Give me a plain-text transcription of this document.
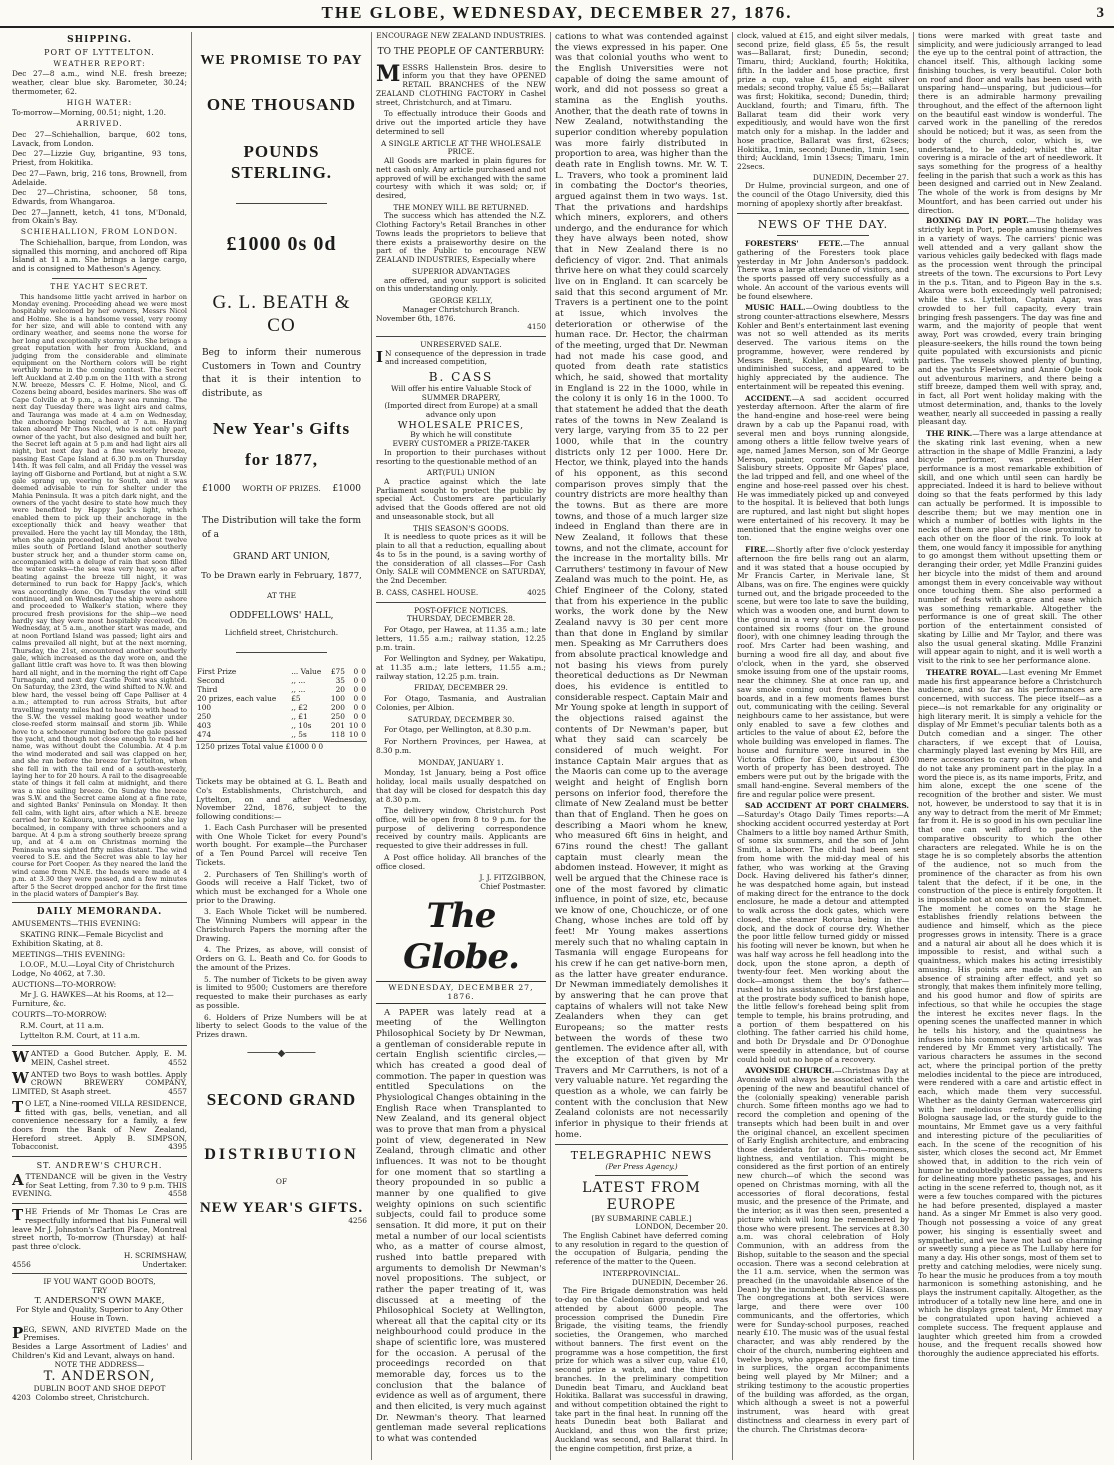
THE GLOBE, WEDNESDAY, DECEMBER 27, 1876.	3
SHIPPING.
PORT OF LYTTELTON.
WEATHER REPORT:

Dec 27—8 a.m., wind N.E. fresh breeze; weather, clear blue sky. Barometer, 30.24; thermometer, 62.

HIGH WATER:

To-morrow—Morning, 00.51; night, 1.20.

ARRIVED.

Dec 27—Schiehallion, barque, 602 tons, Lavack, from London.

Dec 27—Lizzie Guy, brigantine, 93 tons, Priest, from Hokitika.

Dec 27—Fawn, brig, 216 tons, Brownell, from Adelaide.

Dec 27—Christina, schooner, 58 tons, Edwards, from Whangaroa.

Dec 27—Jannett, ketch, 41 tons, M'Donald, from Okain's Bay.

SCHIEHALLION, FROM LONDON.

The Schiehallion, barque, from London, was signalled this morning, and anchored off Ripa Island at 11 a.m. She brings a large cargo, and is consigned to Matheson's Agency.

THE YACHT SECRET.

This handsome little yacht arrived in harbor on Monday evening. Proceeding ahead we were most hospitably welcomed by her owners, Messrs Nicol and Holme. She is a handsome vessel, very roomy for her size, and will able to contend with any ordinary weather, and seems none the worse for her long and exceptionally stormy trip. She brings a great reputation with her from Auckland, and judging from the considerable and eliminate equipment on the Northern colors will be right worthily borne in the coming contest. The Secret left Auckland at 2.40 p.m on the 11th with a strong N.W. breeze, Messrs C. F. Holme, Nicol, and G. Cozens being aboard, besides mariners. She was off Cape Colville at 9 p.m., a heavy sea running. The next day Tuesday there was light airs and calms, and Tauranga was made at 4 a.m on Wednesday, the anchorage being reached at 7 a.m. Having taken aboard Mr Thos Nicol, who is not only part owner of the yacht, but also designed and built her, the Secret left again at 5 p.m and had light airs all night, but next day had a fine westerly breeze, passing East Cape Island at 6.30 p.m on Thursday 14th. It was fell calm, and all Friday the vessel was laying off Gisborne and Portland, but at night a S.W. gale sprang up, veering to South, and it was deemed advisable to run for shelter under the Mahia Peninsula. It was a pitch dark night, and the owners of the yacht desire to state how much they were benefited by Happy Jack's light, which enabled them to pick up their anchorage in the exceptionally thick and heavy weather that prevailed. Here the yacht lay till Monday, the 18th, when she again proceeded, but when about twelve miles south of Portland Island another southerly buster struck her, and a thunder storm came on, accompanied with a deluge of rain that soon filled the water casks—the sea was very heavy, so after beating against the breeze till night, it was determined to run back for Happy Jack's, which was accordingly done. On Tuesday the wind still continued, and on Wednesday the ship were ashore and proceeded to Walker's station, where they procured fresh provisions for the ship—we need hardly say they were most hospitably received. On Wednesday, at 5 a.m., another start was made, and at noon Portland Island was passed; light airs and calms prevailed all night, but at the next morning, Thursday, the 21st, encountered another southerly gale, which increased as the day wore on, and the gallant little craft was hove to. It was then blowing hard all night, and in the morning the right off Cape Turnagain, and next day Castle Point was sighted. On Saturday, the 23rd, the wind shifted to N.W. and blew hard, the vessel being off Cape Palliser at 4 a.m.; attempted to run across Straits, but after travelling twenty miles had to heave to with head to the S.W. the vessel making good weather under close-reefed storm mainsail and storm jib. While hove to a schooner running before the gale passed the yacht, and though not close enough to read her name, was without doubt the Columbia. At 4 p.m the wind moderated and sail was clapped on her, and she ran before the breeze for Lyttelton, when she fell in with the tail end of a south-westerly, laying her to for 20 hours. A rail to the disagreeable state of things it fell calm at midnight, and there was a nice sailing breeze. On Sunday the breeze was S.W. and the Secret came along at a fine rate, and sighted Banks' Peninsula on Monday. It then fell calm, with light airs, after which a N.E. breeze carried her to Kaikoura, under which point she lay becalmed, in company with three schooners and a barque. At 4 p.m a strong southerly breeze sprang up, and at 4 a.m on Christmas morning the Peninsula was sighted fifty miles distant. The wind veered to S.E. and the Secret was able to lay her course for Port Cooper. As they neared the land the wind came from N.N.E. the heads were made at 4 p.m. at 3.30 they were passed, and a few minutes after 5 the Secret dropped anchor for the first time in the placid waters of Dampier's Bay.

DAILY MEMORANDA.

AMUSEMENTS—THIS EVENING:

SKATING RINK—Female Bicyclist and Exhibition Skating, at 8.

MEETINGS—THIS EVENING:

I.O.OF., M.U.—Loyal City of Christchurch Lodge, No 4062, at 7.30.

AUCTIONS—TO-MORROW:

Mr J. G. HAWKES—At his Rooms, at 12—Furniture, &c.

COURTS—TO-MORROW:

R.M. Court, at 11 a.m.

Lyttelton R.M. Court, at 11 a.m.

WANTED a Good Butcher. Apply, E. M. MEIN, Cashel street.	4552
WANTED two Boys to wash bottles. Apply CROWN BREWERY COMPANY, LIMITED, St Asaph street.	4557
T O LET, a Nine-roomed VILLA RESIDENCE, fitted with gas, bells, venetian, and all convenience necessary for a family, a few doors from the Bank of New Zealand, Hereford street. Apply B. SIMPSON, Tobacconist.	4395
ST. ANDREW'S CHURCH.
ATTENDANCE will be given in the Vestry for Seat Letting, from 7.30 to 9 p.m. THIS EVENING.	4558
THE Friends of Mr Thomas Le Cras are respectfully informed that his Funeral will leave Mr J. Johnston's Carlton Place, Montreal street north, To-morrow (Thursday) at half-past three o'clock.
H. SCRIMSHAW,
4556	Undertaker.
IF YOU WANT GOOD BOOTS,
TRY
T. ANDERSON'S OWN MAKE,
For Style and Quality, Superior to Any Other House in Town.
PEG, SEWN, AND RIVETED Made on the Premises.
Besides a Large Assortment of Ladies' and Children's Kid and Levant, always on hand.
NOTE THE ADDRESS—
T. ANDERSON,
DUBLIN BOOT AND SHOE DEPOT
4203 Colombo street, Christchurch.
WE PROMISE TO PAY
ONE THOUSAND
POUNDS STERLING.
£1000 0s 0d
G. L. BEATH & CO

Beg to inform their numerous Customers in Town and Country that it is their intention to distribute, as

New Year's Gifts
for 1877,
£1000 WORTH OF PRIZES. £1000

The Distribution will take the form of a

GRAND ART UNION,
To be Drawn early in February, 1877,
AT THE
ODDFELLOWS' HALL,
Lichfield street, Christchurch.
First Prize	... Value	£75	0	0
Second	,, ...	35	0	0
Third	,, ...	20	0	0
20 prizes, each value	£5	100	0	0
100	,, £2	200	0	0
250	,, £1	250	0	0
403	,, 10s	201	10	0
474	,, 5s	118	10	0
1250 prizes Total value £1000 0 0

Tickets may be obtained at G. L. Beath and Co's Establishments, Christchurch, and Lyttelton, on and after Wednesday, November 22nd, 1876, subject to the following conditions:—

1. Each Cash Purchaser will be presented with One Whole Ticket for every Pound's worth bought. For example—the Purchaser of a Ten Pound Parcel will receive Ten Tickets.

2. Purchasers of Ten Shilling's worth of Goods will receive a Half Ticket, two of which must be exchanged for a Whole one prior to the Drawing.

3. Each Whole Ticket will be numbered. The Winning Numbers will appear in the Christchurch Papers the morning after the Drawing.

4. The Prizes, as above, will consist of Orders on G. L. Beath and Co. for Goods to the amount of the Prizes.

5. The number of Tickets to be given away is limited to 9500; Customers are therefore requested to make their purchases as early as possible.

6. Holders of Prize Numbers will be at liberty to select Goods to the value of the Prizes drawn.

─────◆─────
SECOND GRAND
DISTRIBUTION
OF
NEW YEAR'S GIFTS.
4256
ENCOURAGE NEW ZEALAND INDUSTRIES.
TO THE PEOPLE OF CANTERBURY:
MESSRS Hallenstein Bros. desire to inform you that they have OPENED RETAIL BRANCHES of the NEW ZEALAND CLOTHING FACTORY in Cashel street, Christchurch, and at Timaru.

To effectually introduce their Goods and drive out the imported article they have determined to sell

A SINGLE ARTICLE AT THE WHOLESALE PRICE.

All Goods are marked in plain figures for nett cash only. Any article purchased and not approved of will be exchanged with the same courtesy with which it was sold; or, if desired,

THE MONEY WILL BE RETURNED.

The success which has attended the N.Z. Clothing Factory's Retail Branches in other Towns leads the proprietors to believe that there exists a praiseworthy desire on the part of the Public to encourage NEW ZEALAND INDUSTRIES, Especially where

SUPERIOR ADVANTAGES

are offered, and your support is solicited on this understanding only.

GEORGE KELLY,
Manager Christchurch Branch.
November 6th, 1876.
4150
UNRESERVED SALE.
I N consequence of the depression in trade and increased competition,
B. CASS
Will offer his entire Valuable Stock of
SUMMER DRAPERY,
(Imported direct from Europe) at a small advance only upon
WHOLESALE PRICES,
By which he will constitute
EVERY CUSTOMER a PRIZE-TAKER

In proportion to their purchases without resorting to the questionable method of an

ART(FUL) UNION

A practice against which the late Parliament sought to protect the public by special Act. Customers are particularly advised that the Goods offered are not old and unseasonable stock, but all

THIS SEASON'S GOODS.

It is needless to quote prices as it will be plain to all that a reduction, equalling about 4s to 5s in the pound, is a saving worthy of the consideration of all classes—For Cash Only. SALE will COMMENCE on SATURDAY, the 2nd December.

B. CASS, CASHEL HOUSE.	4025
POST-OFFICE NOTICES.

THURSDAY, DECEMBER 28.

For Otago, per Hawea, at 11.35 a.m.; late letters, 11.55 a.m.; railway station, 12.25 p.m. train.

For Wellington and Sydney, per Wakatipu, at 11.35 a.m.; late letters, 11.55 a.m.; railway station, 12.25 p.m. train.

FRIDAY, DECEMBER 29.

For Otago, Tasmania, and Australian Colonies, per Albion.

SATURDAY, DECEMBER 30.

For Otago, per Wellington, at 8.30 p.m.

For Northern Provinces, per Hawea, at 8.30 p.m.

MONDAY, JANUARY 1.

Monday, 1st January, being a Post office holiday, local mails usually despatched on that day will be closed for despatch this day at 8.30 p.m.

The delivery window, Christchurch Post office, will be open from 8 to 9 p.m. for the purpose of delivering correspondence received by country mails. Applicants are requested to give their addresses in full.

A Post office holiday. All branches of the office closed.

J. J. FITZGIBBON,
Chief Postmaster.
The Globe.
WEDNESDAY, DECEMBER 27, 1876.

A PAPER was lately read at a meeting of the Wellington Philosophical Society by Dr Newman, a gentleman of considerable repute in certain English scientific circles,—which has created a good deal of commotion. The paper in question was entitled Speculations on the Physiological Changes obtaining in the English Race when Transplanted to New Zealand, and its general object was to prove that man from a physical point of view, degenerated in New Zealand, through climatic and other influences. It was not to be thought for one moment that so startling a theory propounded in so public a manner by one qualified to give weighty opinions on such scientific subjects, could fail to produce some sensation. It did more, it put on their metal a number of our local scientists who, as a matter of course almost, rushed into battle prepared with arguments to demolish Dr Newman's novel propositions. The subject, or rather the paper treating of it, was discussed at a meeting of the Philosophical Society at Wellington, whereat all that the capital city or its neighbourhood could produce in the shape of scientific lore, was mustered for the occasion. A perusal of the proceedings recorded on that memorable day, forces us to the conclusion that the balance of evidence as well as of argument, there and then elicited, is very much against Dr. Newman's theory. That learned gentleman made several replications to what was contended

cations to what was contended against the views expressed in his paper. One was that colonial youths who went to the English Universities were not capable of doing the same amount of work, and did not possess so great a stamina as the English youths. Another, that the death rate of towns in New Zealand, notwithstanding the superior condition whereby population was more fairly distributed in proportion to area, was higher than the death rate in English towns. Mr. W. T. L. Travers, who took a prominent laid in combating the Doctor's theories, argued against them in two ways. 1st. That the privations and hardships which miners, explorers, and others undergo, and the endurance for which they have always been noted, show that in New Zealand there is no deficiency of vigor. 2nd. That animals thrive here on what they could scarcely live on in England. It can scarcely be said that this second argument of Mr. Travers is a pertinent one to the point at issue, which involves the deterioration or otherwise of the human race. Dr. Hector, the chairman of the meeting, urged that Dr. Newman had not made his case good, and quoted from death rate statistics which, he said, showed that mortality in England is 22 in the 1000, while in the colony it is only 16 in the 1000. To that statement he added that the death rates of the towns in New Zealand is very large, varying from 35 to 22 per 1000, while that in the country districts only 12 per 1000. Here Dr. Hector, we think, played into the hands of his opponent, as this second comparison proves simply that the country districts are more healthy than the towns. But as there are more towns, and those of a much larger size indeed in England than there are in New Zealand, it follows that these towns, and not the climate, account for the increase in the mortality bills. Mr Carruthers' testimony in favour of New Zealand was much to the point. He, as Chief Engineer of the Colony, stated that from his experience in the public works, the work done by the New Zealand navvy is 30 per cent more than that done in England by similar men. Speaking as Mr Carruthers does from absolute practical knowledge and not basing his views from purely theoretical deductions as Dr Newman does, his evidence is entitled to considerable respect. Captain Mair and Mr Young spoke at length in support of the objections raised against the contents of Dr Newman's paper, but what they said can scarcely be considered of much weight. For instance Captain Mair argues that as the Maoris can come up to the average weight and height of English born persons on inferior food, therefore the climate of New Zealand must be better than that of England. Then he goes on describing a Maori whom he knew, who measured 6ft 6ins in height, and 67ins round the chest! The gallant captain must clearly mean the abdomen instead. However, it might as well be argued that the Chinese race is one of the most favored by climatic influence, in point of size, etc, because we know of one, Chouchicze, or of one Chang, whose inches are told off by feet! Mr Young makes assertions merely such that no whaling captain in Tasmania will engage Europeans for his crew if he can get native-born men, as the latter have greater endurance. Dr Newman immediately demolishes it by answering that he can prove that captains of whalers will not take New Zealanders when they can get Europeans; so the matter rests between the words of these two gentlemen. The evidence after all, with the exception of that given by Mr Travers and Mr Carruthers, is not of a very valuable nature. Yet regarding the question as a whole, we can fairly be content with the conclusion that New Zealand colonists are not necessarily inferior in physique to their friends at home.

TELEGRAPHIC NEWS
(Per Press Agency.)
LATEST FROM EUROPE
[BY SUBMARINE CABLE.]
LONDON, December 20.

The English Cabinet have deferred coming to any resolution in regard to the question of the occupation of Bulgaria, pending the reference of the matter to the Queen.

INTERPROVINCIAL.
DUNEDIN, December 26.

The Fire Brigade demonstration was held to-day on the Caledonian grounds, and was attended by about 6000 people. The procession comprised the Dunedin Fire Brigade, the visiting teams, the friendly societies, the Orangemen, who marched without banners. The first event on the programme was a hose competition, the first prize for which was a silver cup, value £10, second prize a watch, and the third two branches. In the preliminary competition Dunedin beat Timaru, and Auckland beat Hokitika. Ballarat was successful in drawing, and without competition obtained the right to take part in the final heat. In running off the heats Dunedin beat both Ballarat and Auckland, and thus won the first prize; Auckland was second, and Ballarat third. In the engine competition, first prize, a

clock, valued at £15, and eight silver medals, second prize, field glass, £5 5s, the result was—Ballarat, first; Dunedin, second; Timaru, third; Auckland, fourth; Hokitika, fifth. In the ladder and hose practice, first prize a cup, value £15, and eight silver medals; second trophy, value £5 5s;—Ballarat was first; Hokitika, second; Dunedin, third; Auckland, fourth; and Timaru, fifth. The Ballarat team did their work very expeditiously, and would have won the first match only for a mishap. In the ladder and hose practice, Ballarat was first, 62secs; Hokitika, 1min, second; Dunedin, 1min 1sec, third; Auckland, 1min 13secs; Timaru, 1min 22secs.

DUNEDIN, December 27.

Dr Hulme, provincial surgeon, and one of the council of the Otago University, died this morning of apoplexy shortly after breakfast.

NEWS OF THE DAY.

FORESTERS' FETE.—The annual gathering of the Foresters took place yesterday in Mr John Anderson's paddock. There was a large attendance of visitors, and the sports passed off very successfully as a whole. An account of the various events will be found elsewhere.

MUSIC HALL.—Owing doubtless to the strong counter-attractions elsewhere, Messrs Kohler and Bent's entertainment last evening was not so well attended as its merits deserved. The various items on the programme, however, were rendered by Messrs Bent, Kohler, and Ward, with undiminished success, and appeared to be highly appreciated by the audience. The entertainment will be repeated this evening.

ACCIDENT.—A sad accident occurred yesterday afternoon. After the alarm of fire the hand-engine and hose-reel were being drawn by a cab up the Papanui road, with several men and boys running alongside, among others a little fellow twelve years of age, named James Merson, son of Mr George Merson, painter, corner of Madras and Salisbury streets. Opposite Mr Gapes' place, the lad tripped and fell, and one wheel of the engine and hose-reel passed over his chest. He was immediately picked up and conveyed to the hospital. It is believed that both lungs are ruptured, and last night but slight hopes were entertained of his recovery. It may be mentioned that the engine weighs over one ton.

FIRE.—Shortly after five o'clock yesterday afternoon the fire bells rang out an alarm, and it was stated that a house occupied by Mr Francis Carter, in Merivale lane, St Albans, was on fire. The engines were quickly turned out, and the brigade proceeded to the scene, but were too late to save the building, which was a wooden one, and burnt down to the ground in a very short time. The house contained six rooms (four on the ground floor), with one chimney leading through the roof. Mrs Carter had been washing, and burning a wood fire all day, and about five o'clock, when in the yard, she observed smoke issuing from one of the upstair rooms, near the chimney. She at once ran up, and saw smoke coming out from between the boards, and in a few moments flames burst out, communicating with the ceiling. Several neighbours came to her assistance, but were only enabled to save a few clothes and articles to the value of about £2, before the whole building was enveloped in flames. The house and furniture were insured in the Victoria Office for £300, but about £300 worth of property has been destroyed. The embers were put out by the brigade with the small hand-engine. Several members of the fire and regular police were present.

SAD ACCIDENT AT PORT CHALMERS.—Saturday's Otago Daily Times reports:—A shocking accident occurred yesterday at Port Chalmers to a little boy named Arthur Smith, of some six summers, and the son of John Smith, a laborer. The child had been sent from home with the mid-day meal of his father, who was working at the Graving Dock. Having delivered his father's dinner, he was despatched home again, but instead of making direct for the entrance to the dock enclosure, he made a detour and attempted to walk across the dock gates, which were closed, the steamer Rotorua being in the dock, and the dock of course dry. Whether the poor little fellow turned giddy or missed his footing will never be known, but when he was half way across he fell headlong into the dock, upon the stone apron, a depth of twenty-four feet. Men working about the dock—amongst them the boy's father—rushed to his assistance, but the first glance at the prostrate body sufficed to banish hope, the little fellow's forehead being split from temple to temple, his brains protruding, and a portion of them bespattered on his clothing. The father carried his child home, and both Dr Drysdale and Dr O'Donoghue were speedily in attendance, but of course could hold out no hope of a recovery.

AVONSIDE CHURCH.—Christmas Day at Avonside will always be associated with the opening of the new and beautiful chancel of the (colonially speaking) venerable parish church. Some fifteen months ago we had to record the completion and opening of the transepts which had been built in and over the original chancel, an excellent specimen of Early English architecture, and embracing those desiderata for a church—roominess, lightness, and ventilation. This might be considered as the first portion of an entirely new church—of which the second was opened on Christmas morning, with all the accessories of floral decorations, festal music, and the presence of the Primate, and the interior, as it was then seen, presented a picture which will long be remembered by those who were present. The services at 8.30 a.m. was choral celebration of Holy Communion, with an address from the Bishop, suitable to the season and the special occasion. There was a second celebration at the 11 a.m. service, when the sermon was preached (in the unavoidable absence of the Dean) by the incumbent, the Rev H. Glasson. The congregations at both services were large, and there were over 100 communicants, and the offertories, which were for Sunday-school purposes, reached nearly £10. The music was of the usual festal character, and was ably rendered by the choir of the church, numbering eighteen and twelve boys, who appeared for the first time in surplices, the organ accompaniments being well played by Mr Milner; and a striking testimony to the acoustic properties of the building was afforded, as the organ, which although a sweet is not a powerful instrument, was heard with great distinctness and clearness in every part of the church. The Christmas decora-

tions were marked with great taste and simplicity, and were judiciously arranged to lead the eye up to the central point of attraction, the chancel itself. This, although lacking some finishing touches, is very beautiful. Color both on roof and floor and walls has been used with unsparing hand—unsparing, but judicious—for there is an admirable harmony prevailing throughout, and the effect of the afternoon light on the beautiful east window is wonderful. The carved work in the panelling of the reredos should be noticed; but it was, as seen from the body of the church, color, which is, we understand, to be added; whilst the altar covering is a miracle of the art of needlework. It says something for the progress of a healthy feeling in the parish that such a work as this has been designed and carried out in New Zealand. The whole of the work is from designs by Mr Mountfort, and has been carried out under his direction.

BOXING DAY IN PORT.—The holiday was strictly kept in Port, people amusing themselves in a variety of ways. The carriers' picnic was well attended and a very gallant show the various vehicles gaily bedecked with flags made as the procession went through the principal streets of the town. The excursions to Port Levy in the p.s. Titan, and to Pigeon Bay in the s.s. Akaroa were both exceedingly well patronised; while the s.s. Lyttelton, Captain Agar, was crowded to her full capacity, every train bringing fresh passengers. The day was fine and warm, and the majority of people that went away, Port was crowded, every train bringing pleasure-seekers, the hills round the town being quite populated with excursionists and picnic parties. The vessels showed plenty of bunting, and the yachts Fleetwing and Annie Ogle took out adventurous mariners, and there being a stiff breeze, damped them well with spray, and, in fact, all Port went holiday making with the utmost determination, and, thanks to the lovely weather, nearly all succeeded in passing a really pleasant day.

THE RINK.—There was a large attendance at the skating rink last evening, when a new attraction in the shape of Mdlle Franzini, a lady bicycle performer, was presented. Her performance is a most remarkable exhibition of skill, and one which until seen can hardly be appreciated. Indeed it is hard to believe without doing so that the feats performed by this lady can actually be performed. It is impossible to describe them; but we may mention one in which a number of bottles with lights in the necks of them are placed in close proximity to each other on the floor of the rink. To look at them, one would fancy it impossible for anything to go amongst them without upsetting them or deranging their order, yet Mdlle Franzini guides her bicycle into the midst of them and around amongst them in every conceivable way without once touching them. She also performed a number of feats with a grace and ease which was something remarkable. Altogether the performance is one of great skill. The other portion of the entertainment consisted of skating by Lillie and Mr Taylor, and there was also the usual general skating. Mdlle Franzini will appear again to night, and it is well worth a visit to the rink to see her performance alone.

THEATRE ROYAL.—Last evening Mr Emmet made his first appearance before a Christchurch audience, and so far as his performances are concerned, with success. The piece itself—as a piece—is not remarkable for any originality or high literary merit. It is simply a vehicle for the display of Mr Emmet's peculiar talents both as a Dutch comedian and a singer. The other characters, if we except that of Louisa, charmingly played last evening by Mrs Hill, are mere accessories to carry on the dialogue and do not take any prominent part in the play. In a word the piece is, as its name imports, Fritz, and him alone, except the one scene of the recognition of the brother and sister. We must not, however, be understood to say that it is in any way to detract from the merit of Mr Emmet; far from it. He is so good in his own peculiar line that one can well afford to pardon the comparative obscurity to which the other characters are relegated. While he is on the stage he is so completely absorbs the attention of the audience, not so much from the prominence of the character as from his own talent that the defect, if it be one, in the construction of the piece is entirely forgotten. It is impossible not at once to warm to Mr Emmet. The moment he comes on the stage he establishes friendly relations between the audience and himself, which as the piece progresses grows in intensity. There is a grace and a natural air about all he does which it is impossible to resist, and withal such a quaintness, which makes his acting irresistibly amusing. His points are made with such an absence of straining after effect, and yet so strongly, that makes them infinitely more telling, and his good humor and flow of spirits are infectious, so that while he occupies the stage the interest he excites never flags. In the opening scenes the unaffected manner in which he tells his history, and the quaintness he infuses into his common saying 'Ish dat so?' was rendered by Mr Emmet very artistically. The various characters he assumes in the second act, where the principal portion of the pretty melodies incidental to the piece are introduced, were rendered with a care and artistic effect in each, which made them very successful. Whether as the dainty German waterceress girl with her melodious refrain, the rollicking Bologna sausage lad, or the sturdy guide to the mountains, Mr Emmet gave us a very faithful and interesting picture of the peculiarities of each. In the scene of the recognition of his sister, which closes the second act, Mr Emmet showed that, in addition to the rich vein of humor he undoubtedly possesses, he has powers for delineating more pathetic passages, and his acting in the scene referred to, though not, as it were a few touches compared with the pictures he had before presented, displayed a master hand. As a singer Mr Emmet is also very good. Though not possessing a voice of any great power, his singing is essentially sweet and sympathetic, and we have not had so charming or sweetly sung a piece as The Lullaby here for many a day. His other songs, most of them set to pretty and catching melodies, were nicely sung. To hear the music he produces from a toy mouth harmonicon is something astonishing, and he plays the instrument capitally. Altogether, as the introducer of a totally new line here, and one in which he displays great talent, Mr Emmet may be congratulated upon having achieved a complete success. The frequent applause and laughter which greeted him from a crowded house, and the frequent recalls showed how thoroughly the audience appreciated his efforts.
